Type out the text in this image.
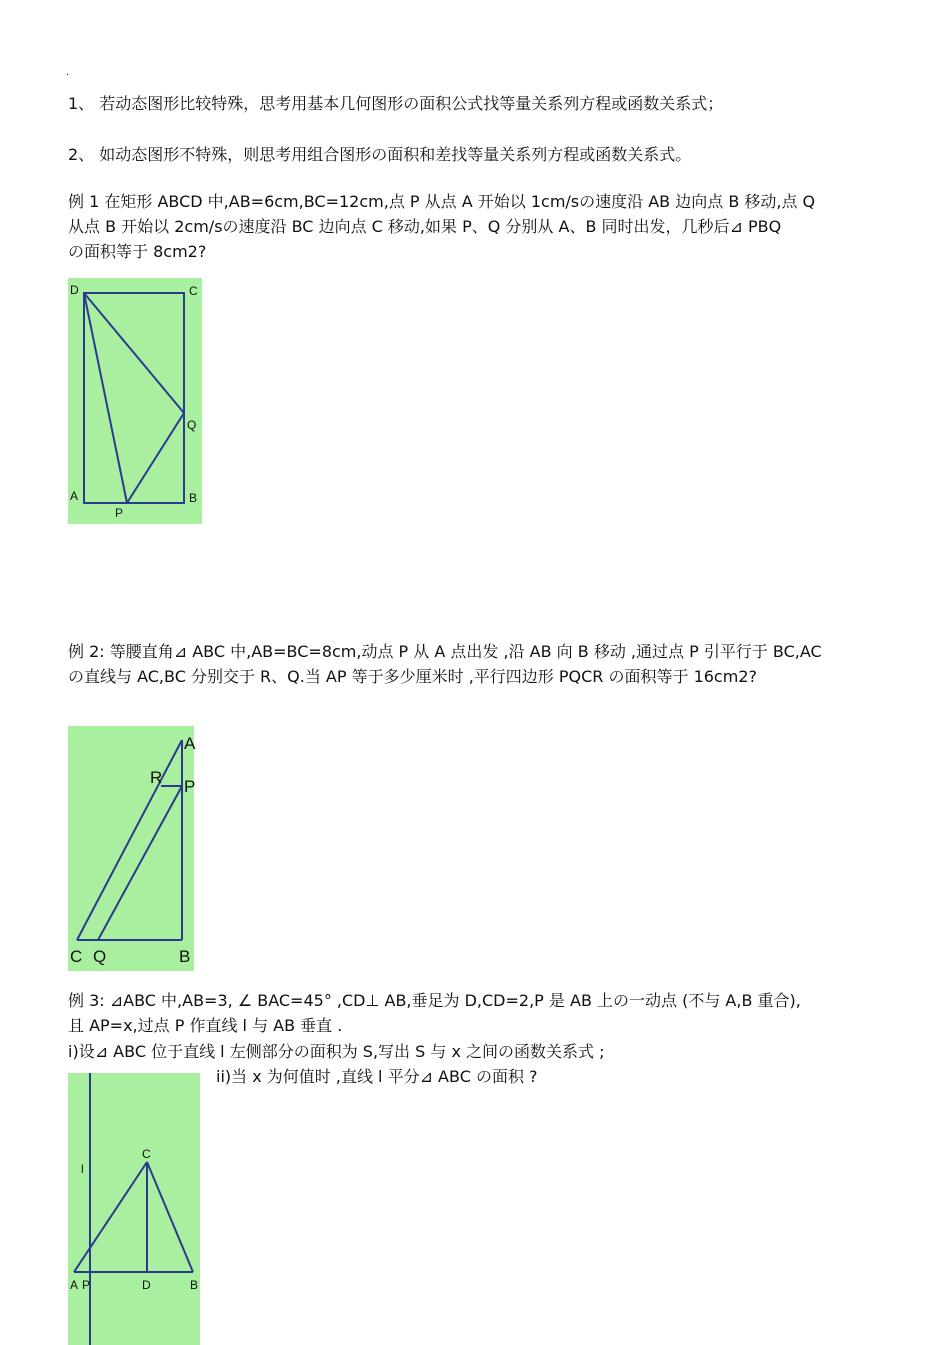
·
1、 若动态图形比较特殊，思考用基本几何图形の面积公式找等量关系列方程或函数关系式；
2、 如动态图形不特殊，则思考用组合图形の面积和差找等量关系列方程或函数关系式。
例 1 在矩形 ABCD 中,AB=6cm,BC=12cm,点 P 从点 A 开始以 1cm/sの速度沿 AB 边向点 B 移动,点 Q
从点 B 开始以 2cm/sの速度沿 BC 边向点 C 移动,如果 P、Q 分别从 A、B 同时出发，几秒后⊿ PBQ
の面积等于 8cm2?
D	C
Q
A	B
P
例 2: 等腰直角⊿ ABC 中,AB=BC=8cm,动点 P 从 A 点出发 ,沿 AB 向 B 移动 ,通过点 P 引平行于 BC,AC
の直线与 AC,BC 分别交于 R、Q.当 AP 等于多少厘米时 ,平行四边形 PQCR の面积等于 16cm2?
A
R P
C Q	B
例 3: ⊿ABC 中,AB=3, ∠ BAC=45° ,CD⊥ AB,垂足为 D,CD=2,P 是 AB 上の一动点 (不与 A,B 重合),
且 AP=x,过点 P 作直线 l 与 AB 垂直 .
i)设⊿ ABC 位于直线 l 左侧部分の面积为 S,写出 S 与 x 之间の函数关系式 ;
ii)当 x 为何值时 ,直线 l 平分⊿ ABC の面积 ?
C
l
A P	D	B
